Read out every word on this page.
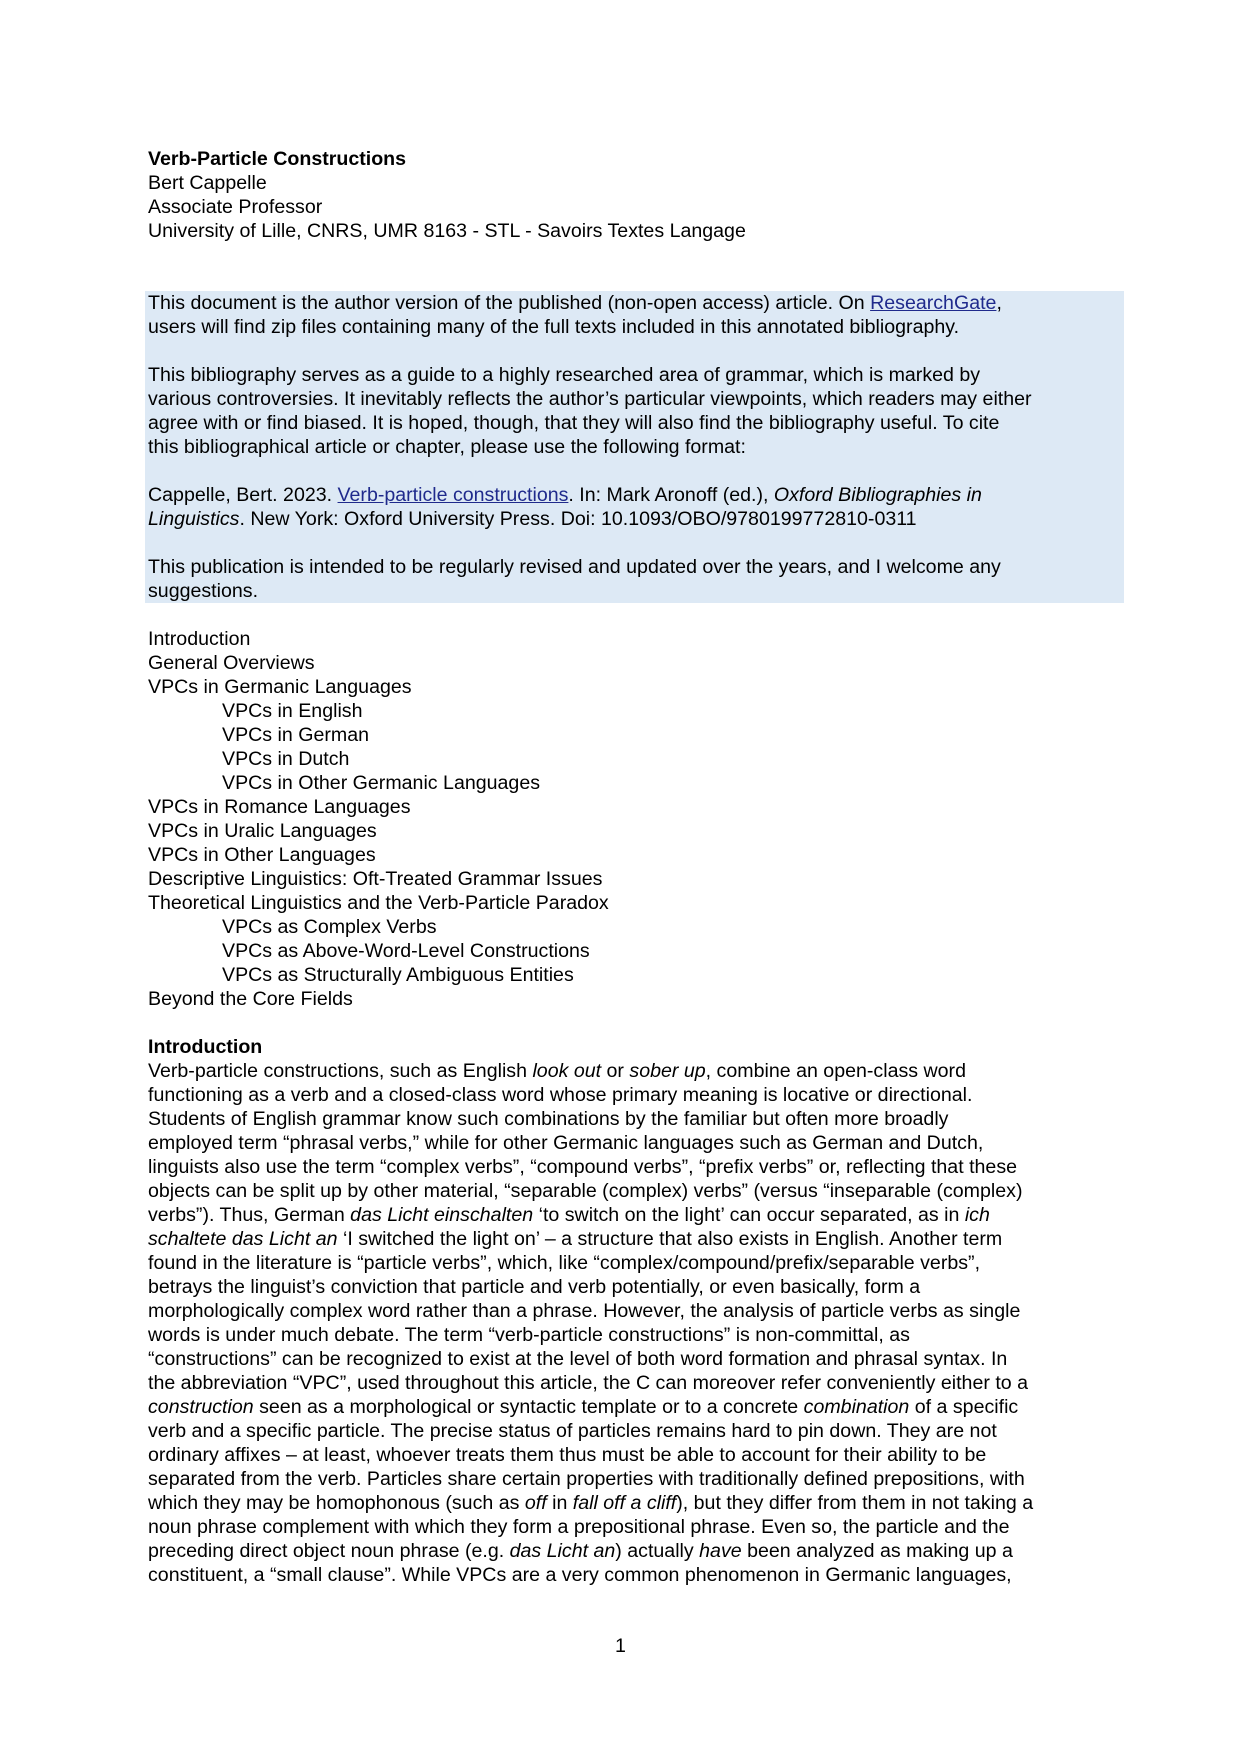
Verb-Particle Constructions
Bert Cappelle
Associate Professor
University of Lille, CNRS, UMR 8163 - STL - Savoirs Textes Langage
This document is the author version of the published (non-open access) article. On ResearchGate,
users will find zip files containing many of the full texts included in this annotated bibliography.
This bibliography serves as a guide to a highly researched area of grammar, which is marked by
various controversies. It inevitably reflects the author’s particular viewpoints, which readers may either
agree with or find biased. It is hoped, though, that they will also find the bibliography useful. To cite
this bibliographical article or chapter, please use the following format:
Cappelle, Bert. 2023. Verb-particle constructions. In: Mark Aronoff (ed.), Oxford Bibliographies in
Linguistics. New York: Oxford University Press. Doi: 10.1093/OBO/9780199772810-0311
This publication is intended to be regularly revised and updated over the years, and I welcome any
suggestions.
Introduction
General Overviews
VPCs in Germanic Languages
VPCs in English
VPCs in German
VPCs in Dutch
VPCs in Other Germanic Languages
VPCs in Romance Languages
VPCs in Uralic Languages
VPCs in Other Languages
Descriptive Linguistics: Oft-Treated Grammar Issues
Theoretical Linguistics and the Verb-Particle Paradox
VPCs as Complex Verbs
VPCs as Above-Word-Level Constructions
VPCs as Structurally Ambiguous Entities
Beyond the Core Fields
Introduction
Verb-particle constructions, such as English look out or sober up, combine an open-class word
functioning as a verb and a closed-class word whose primary meaning is locative or directional.
Students of English grammar know such combinations by the familiar but often more broadly
employed term “phrasal verbs,” while for other Germanic languages such as German and Dutch,
linguists also use the term “complex verbs”, “compound verbs”, “prefix verbs” or, reflecting that these
objects can be split up by other material, “separable (complex) verbs” (versus “inseparable (complex)
verbs”). Thus, German das Licht einschalten ‘to switch on the light’ can occur separated, as in ich
schaltete das Licht an ‘I switched the light on’ – a structure that also exists in English. Another term
found in the literature is “particle verbs”, which, like “complex/compound/prefix/separable verbs”,
betrays the linguist’s conviction that particle and verb potentially, or even basically, form a
morphologically complex word rather than a phrase. However, the analysis of particle verbs as single
words is under much debate. The term “verb-particle constructions” is non-committal, as
“constructions” can be recognized to exist at the level of both word formation and phrasal syntax. In
the abbreviation “VPC”, used throughout this article, the C can moreover refer conveniently either to a
construction seen as a morphological or syntactic template or to a concrete combination of a specific
verb and a specific particle. The precise status of particles remains hard to pin down. They are not
ordinary affixes – at least, whoever treats them thus must be able to account for their ability to be
separated from the verb. Particles share certain properties with traditionally defined prepositions, with
which they may be homophonous (such as off in fall off a cliff), but they differ from them in not taking a
noun phrase complement with which they form a prepositional phrase. Even so, the particle and the
preceding direct object noun phrase (e.g. das Licht an) actually have been analyzed as making up a
constituent, a “small clause”. While VPCs are a very common phenomenon in Germanic languages,
1
